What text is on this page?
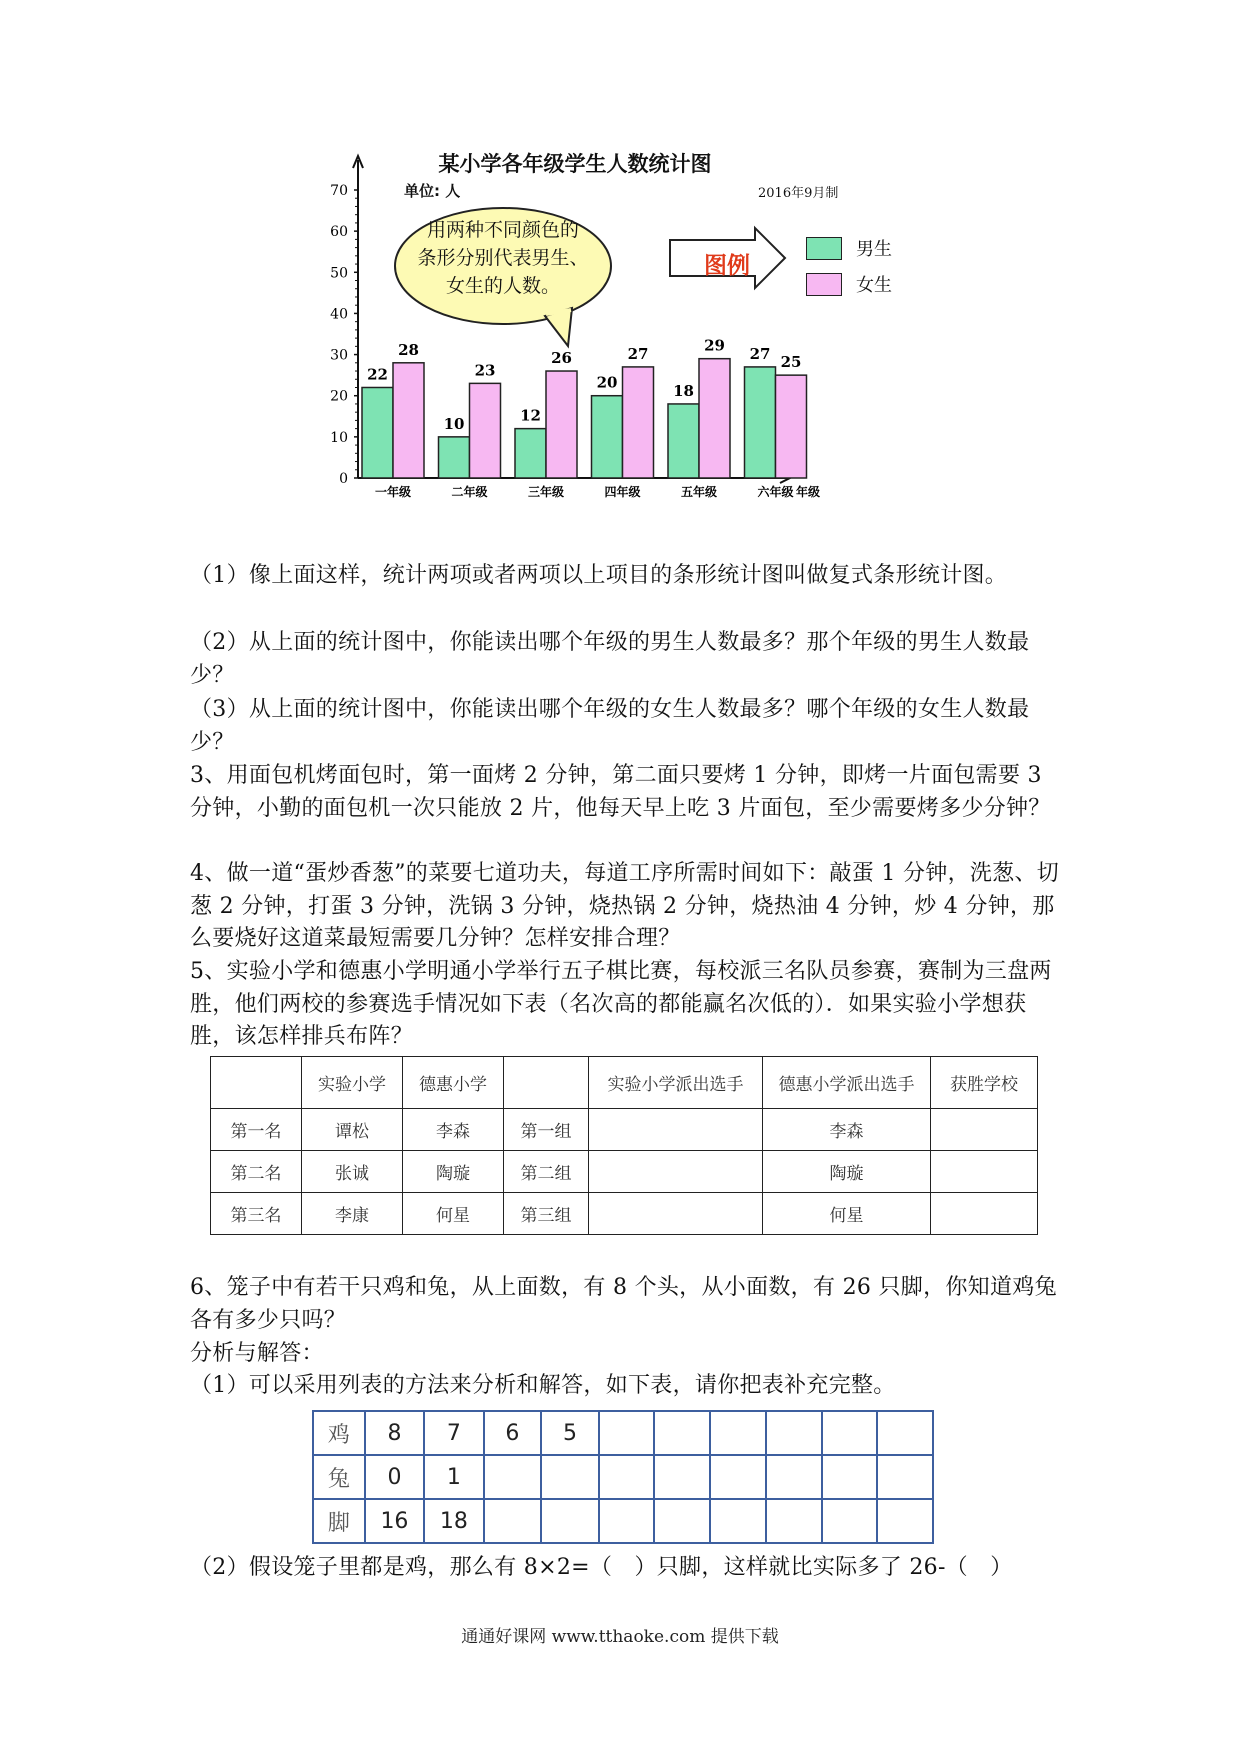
某小学各年级学生人数统计图
单位: 人	2016年9月制
年级
0
10
20
30
40
50
60
70
22
28
一年级
10
23
二年级
12
26
三年级
20
27
四年级
18
29
五年级
27 25
六年级
用两种不同颜色的
条形分别代表男生、
女生的人数。
图例
男生
女生
（1）像上面这样，统计两项或者两项以上项目的条形统计图叫做复式条形统计图。
（2）从上面的统计图中，你能读出哪个年级的男生人数最多？那个年级的男生人数最少？
（3）从上面的统计图中，你能读出哪个年级的女生人数最多？哪个年级的女生人数最少？
3、用面包机烤面包时，第一面烤 2 分钟，第二面只要烤 1 分钟，即烤一片面包需要 3 分钟，小勤的面包机一次只能放 2 片，他每天早上吃 3 片面包，至少需要烤多少分钟？
4、做一道“蛋炒香葱”的菜要七道功夫，每道工序所需时间如下：敲蛋 1 分钟，洗葱、切葱 2 分钟，打蛋 3 分钟，洗锅 3 分钟，烧热锅 2 分钟，烧热油 4 分钟，炒 4 分钟，那么要烧好这道菜最短需要几分钟？怎样安排合理？
5、实验小学和德惠小学明通小学举行五子棋比赛，每校派三名队员参赛，赛制为三盘两胜，他们两校的参赛选手情况如下表（名次高的都能赢名次低的）．如果实验小学想获胜，该怎样排兵布阵？
	实验小学	德惠小学		实验小学派出选手	德惠小学派出选手	获胜学校
第一名	谭松	李森	第一组		李森	
第二名	张诚	陶璇	第二组		陶璇	
第三名	李康	何星	第三组		何星	
6、笼子中有若干只鸡和兔，从上面数，有 8 个头，从小面数，有 26 只脚，你知道鸡兔各有多少只吗？
分析与解答：
（1）可以采用列表的方法来分析和解答，如下表，请你把表补充完整。
鸡	8	7	6	5						
兔	0	1								
脚	16	18								
（2）假设笼子里都是鸡，那么有 8×2=（　）只脚，这样就比实际多了 26-（　）
通通好课网 www.tthaoke.com 提供下载
